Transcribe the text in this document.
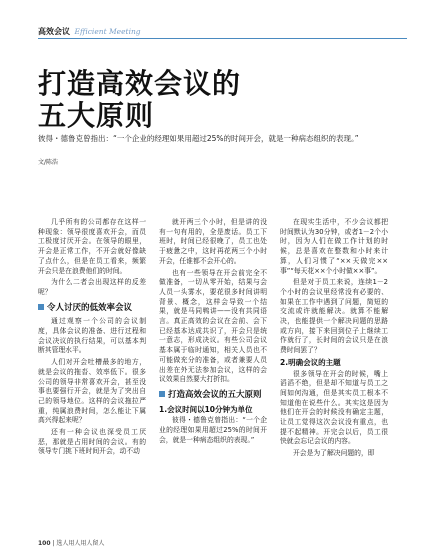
高效会议 Efficient Meeting
打造高效会议的
五大原则
彼得・德鲁克曾指出：“一个企业的经理如果用超过25%的时间开会，就是一种病态组织的表现。”
文/陈浩

几乎所有的公司都存在这样一种现象：领导很度喜欢开会，而员工极度讨厌开会。在领导的眼里，开会是正常工作，不开会就好像缺了点什么，但是在员工看来，频繁开会只是在浪费他们的时间。

为什么二者会出现这样的反差呢？

令人讨厌的低效率会议

通过观察一个公司的会议制度，具体会议的准备、进行过程和会议决议的执行结果，可以基本判断其管理水平。

人们对开会吐槽最多的地方，就是会议的拖沓、效率低下。很多公司的领导非常喜欢开会，甚至没事也要强行开会，就是为了突出自己的领导地位。这样的会议拖拉严重，纯属浪费时间，怎么能让下属高兴得起来呢？

还有一种会议也深受员工厌恶，那就是占用时间的会议。有的领导专门挑下班时间开会，动不动

就开两三个小时，但是讲的没有一句有用的，全是废话。员工下班时，时间已经很晚了，员工也处于疲惫之中，这时再花两三个小时开会，任谁都不会开心的。

也有一些领导在开会前完全不做准备，一切从零开始，结果与会人员一头雾水，要花很多时间讲明背景、概念，这样会导致一个结果，就是马同鸭讲——没有共同语言。真正高效的会议在会前、会下已经基本达成共识了，开会只是统一意志，形成决议。有些公司会议基本属于临时通知，相关人员也不可能做充分的准备，或者兼要人员出差在外无法参加会议，这样的会议效果自然要大打折扣。

打造高效会议的五大原则
1.会议时间以10分钟为单位

彼得・德鲁克曾指出：“一个企业的经理如果用超过25%的时间开会，就是一种病态组织的表现。”

在现实生活中，不少会议都把时间默认为30分钟，或者1－2个小时，因为人们在做工作计划的时候，总是喜欢在整数和小时来计算，人们习惯了“××天做完××事”“每天花××个小时做××事”。

但是对于员工来说，连续1－2个小时的会议里经常没有必要的、如果在工作中遇到了问题，简短的交流或许就能解决。就算不能解决，也能提供一个解决问题的思路或方向，接下来回到位子上继续工作就行了，长时间的会议只是在浪费时间罢了？

2.明确会议的主题

很多领导在开会的时候，嘴上滔滔不绝，但是却不知道与员工之间如何沟通，但是其实员工根本不知道他在说些什么。其实这是因为他们在开会的时候没有确定主题，让员工觉得这次会议没有重点，也提不起精神。开完会以后，员工很快就会忘记会议的内容。

开会是为了解决问题的，即

100 | 选人用人用人留人
